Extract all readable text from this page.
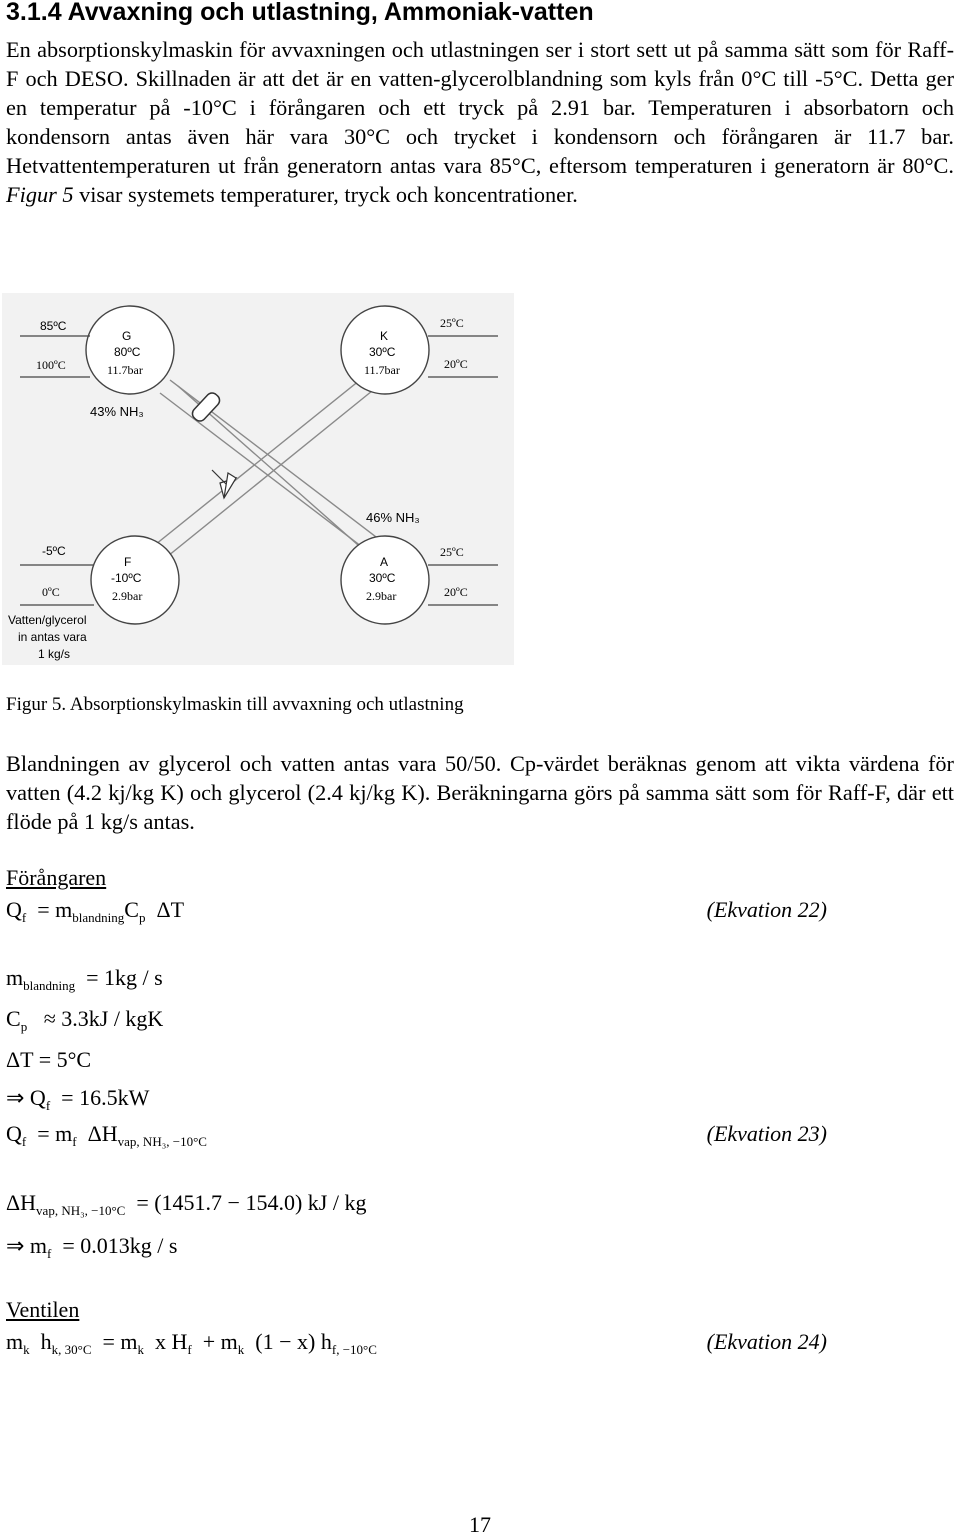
3.1.4 Avvaxning och utlastning, Ammoniak-vatten

En absorptionskylmaskin för avvaxningen och utlastningen ser i stort sett ut på samma sätt som för Raff-F och DESO. Skillnaden är att det är en vatten-glycerolblandning som kyls från 0°C till -5°C. Detta ger en temperatur på -10°C i förångaren och ett tryck på 2.91 bar. Temperaturen i absorbatorn och kondensorn antas även här vara 30°C och trycket i kondensorn och förångaren är 11.7 bar. Hetvattentemperaturen ut från generatorn antas vara 85°C, eftersom temperaturen i generatorn är 80°C. Figur 5 visar systemets temperaturer, tryck och koncentrationer.

G
80ºC
11.7bar
85ºC
100ºC
K
30ºC
11.7bar
25ºC
20ºC
43% NH₃
46% NH₃
F
-10ºC
2.9bar
-5ºC
0ºC
A
30ºC
2.9bar
25ºC
20ºC
Vatten/glycerol
in antas vara
1 kg/s
Figur 5. Absorptionskylmaskin till avvaxning och utlastning

Blandningen av glycerol och vatten antas vara 50/50. Cp-värdet beräknas genom att vikta värdena för vatten (4.2 kj/kg K) och glycerol (2.4 kj/kg K). Beräkningarna görs på samma sätt som för Raff-F, där ett flöde på 1 kg/s antas.

Förångaren
$Q_f = m_{blandning}C_p$  ΔT	(Ekvation 22)
$m_{blandning} = 1kg / s$
$C_p \approx 3.3kJ$ / kgK
ΔT = 5°C
⇒ $Q_f = 16.5kW$
$Q_f = m_f$  $\Delta H_{vap, NH_3, -10^\circ C}$	(Ekvation 23)
$\Delta H_{vap, NH_3, -10^\circ C} = (1451.7 - 154.0)$ kJ / kg
⇒ $m_f = 0.013kg / s$
Ventilen
$m_k$  $h_{k, 30^\circ C} = m_k$  x $H_f + m_k$  (1 − x) $h_{f, -10^\circ C}$	(Ekvation 24)
17
